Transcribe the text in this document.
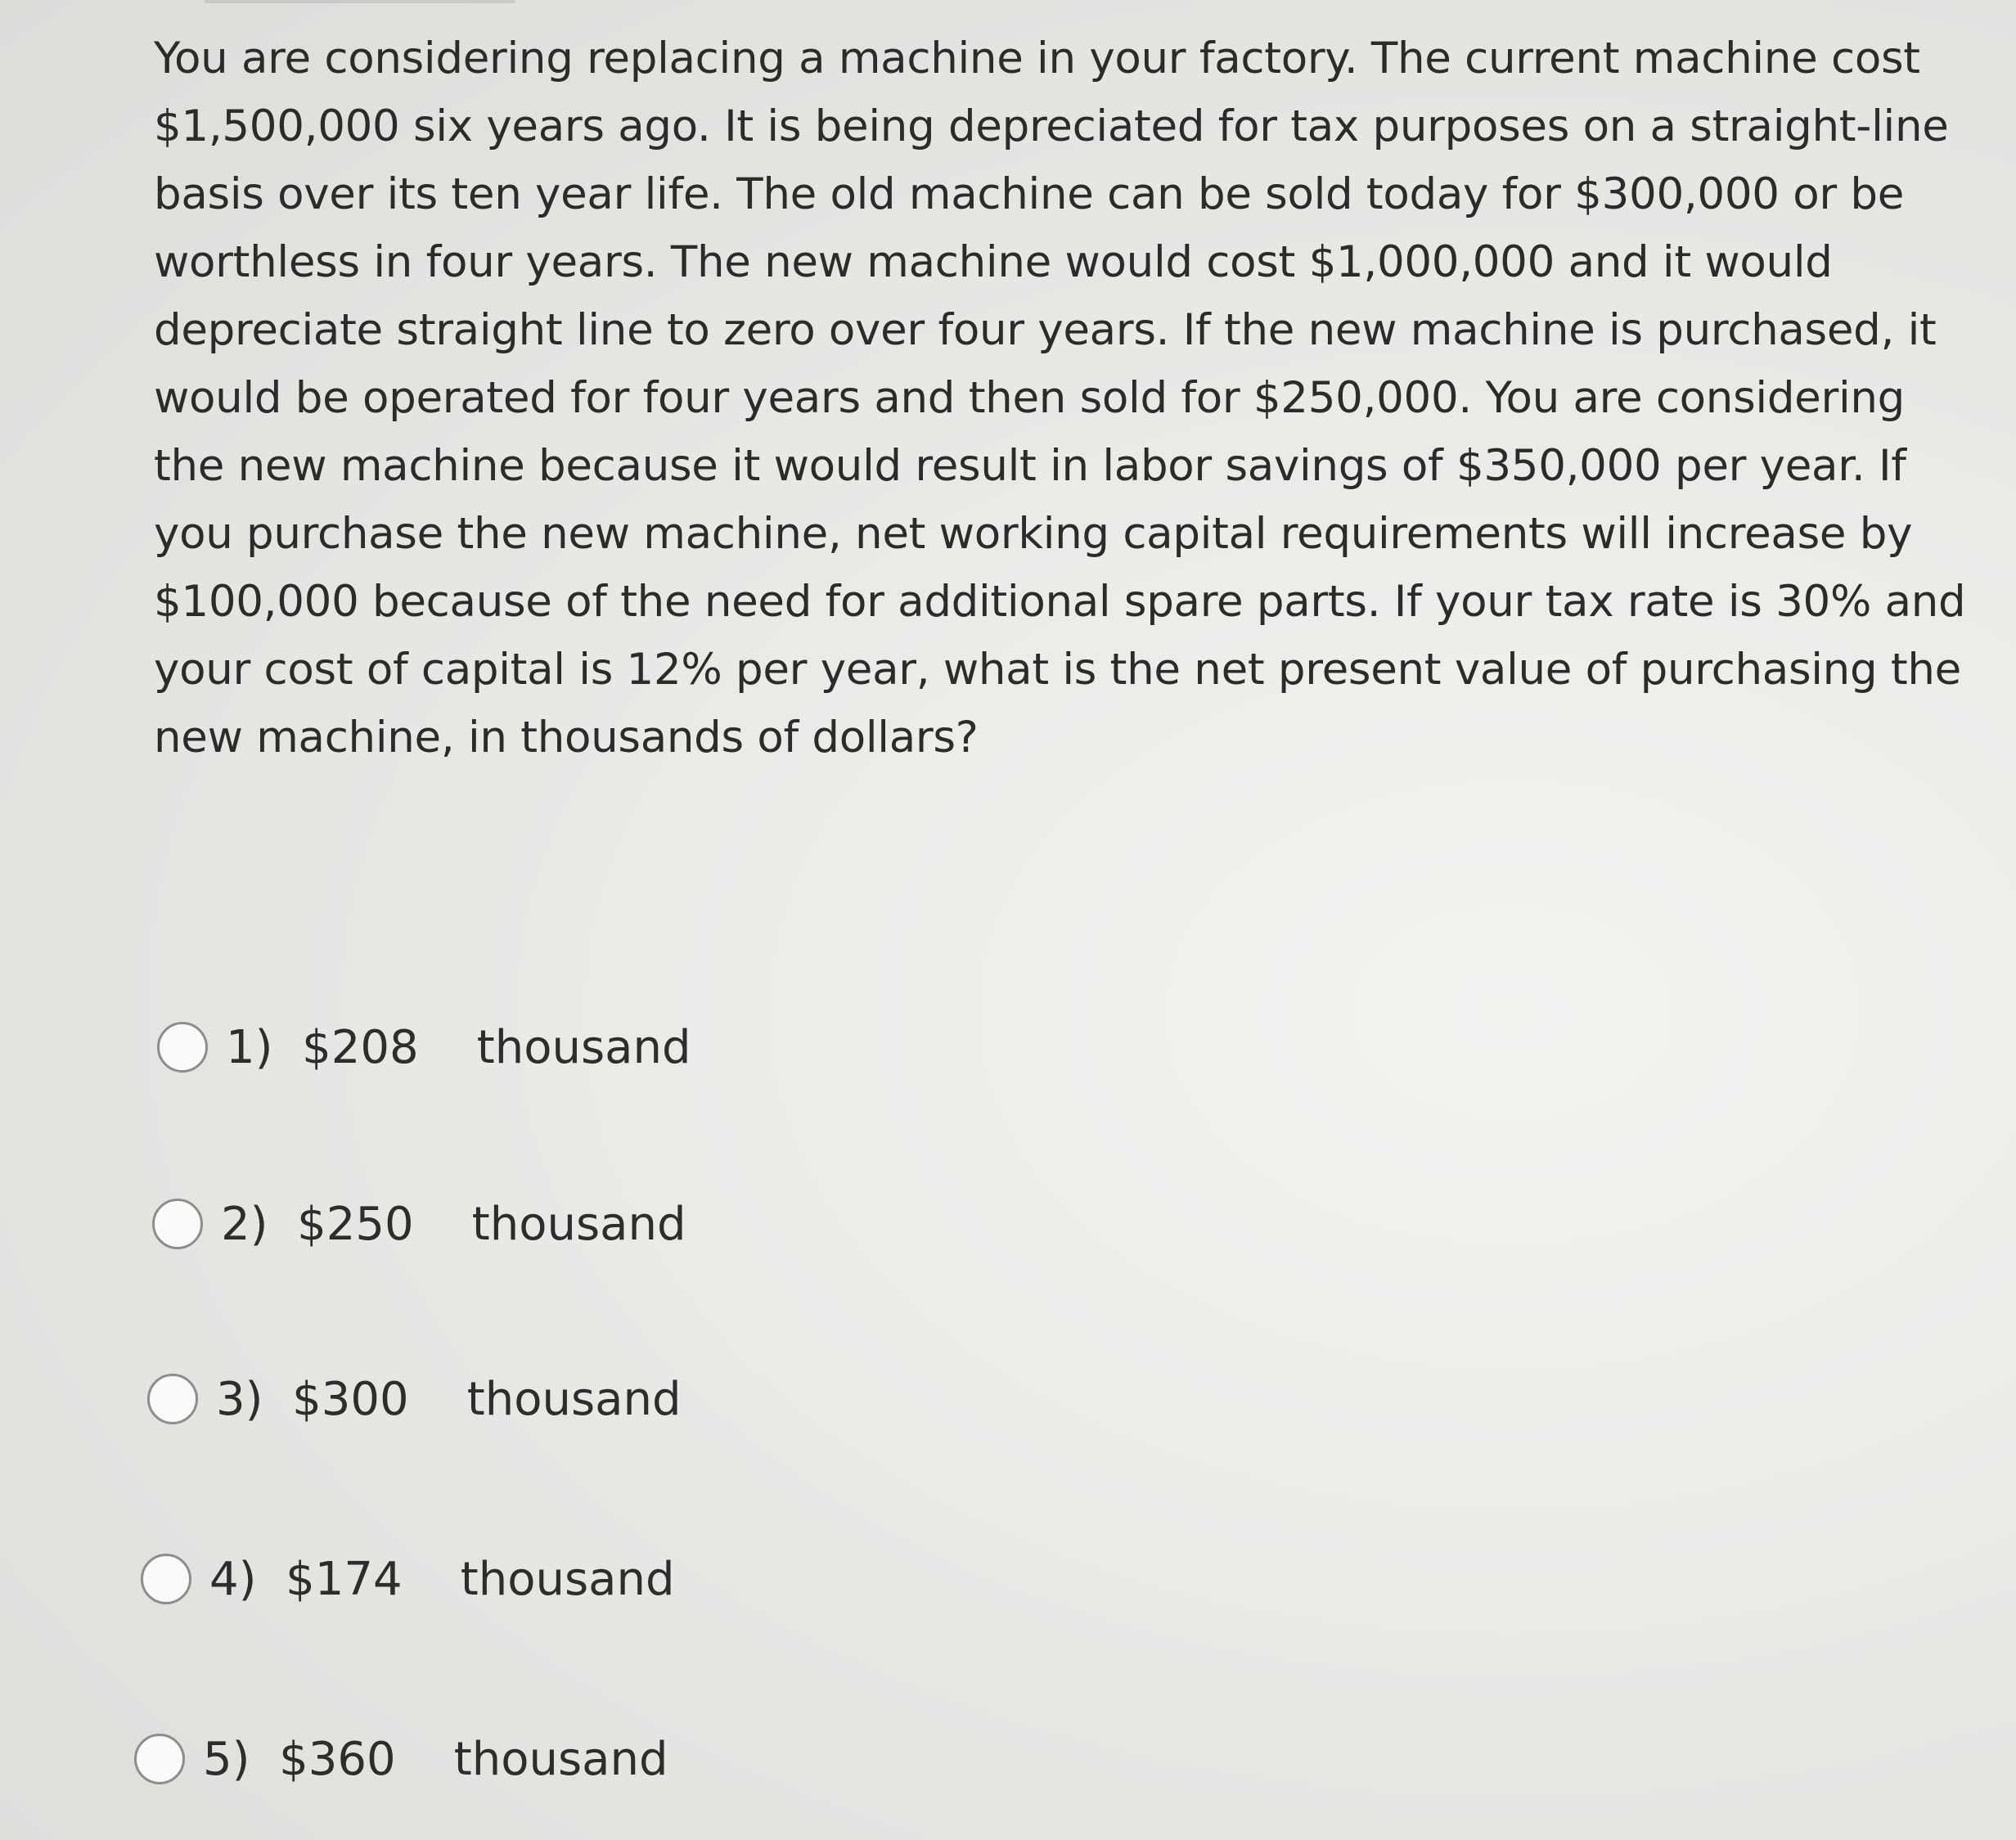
You are considering replacing a machine in your factory. The current machine cost
$1,500,000 six years ago. It is being depreciated for tax purposes on a straight-line
basis over its ten year life. The old machine can be sold today for $300,000 or be
worthless in four years. The new machine would cost $1,000,000 and it would
depreciate straight line to zero over four years. If the new machine is purchased, it
would be operated for four years and then sold for $250,000. You are considering
the new machine because it would result in labor savings of $350,000 per year. If
you purchase the new machine, net working capital requirements will increase by
$100,000 because of the need for additional spare parts. If your tax rate is 30% and
your cost of capital is 12% per year, what is the net present value of purchasing the
new machine, in thousands of dollars?
1)  $208    thousand
2)  $250    thousand
3)  $300    thousand
4)  $174    thousand
5)  $360    thousand
